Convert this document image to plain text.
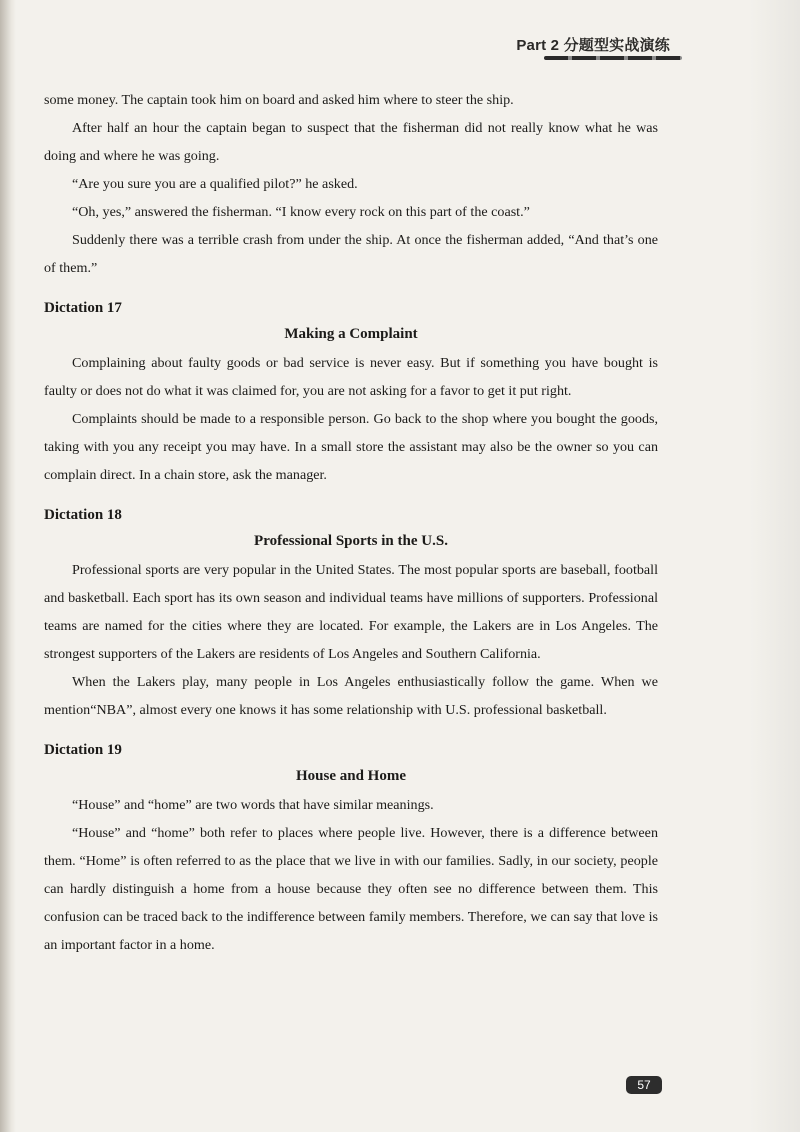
Part 2 分题型实战演练

some money. The captain took him on board and asked him where to steer the ship.

After half an hour the captain began to suspect that the fisherman did not really know what he was doing and where he was going.

“Are you sure you are a qualified pilot?” he asked.

“Oh, yes,” answered the fisherman. “I know every rock on this part of the coast.”

Suddenly there was a terrible crash from under the ship. At once the fisherman added, “And that’s one of them.”

Dictation 17
Making a Complaint

Complaining about faulty goods or bad service is never easy. But if something you have bought is faulty or does not do what it was claimed for, you are not asking for a favor to get it put right.

Complaints should be made to a responsible person. Go back to the shop where you bought the goods, taking with you any receipt you may have. In a small store the assistant may also be the owner so you can complain direct. In a chain store, ask the manager.

Dictation 18
Professional Sports in the U.S.

Professional sports are very popular in the United States. The most popular sports are baseball, football and basketball. Each sport has its own season and individual teams have millions of supporters. Professional teams are named for the cities where they are located. For example, the Lakers are in Los Angeles. The strongest supporters of the Lakers are residents of Los Angeles and Southern California.

When the Lakers play, many people in Los Angeles enthusiastically follow the game. When we mention“NBA”, almost every one knows it has some relationship with U.S. professional basketball.

Dictation 19
House and Home

“House” and “home” are two words that have similar meanings.

“House” and “home” both refer to places where people live. However, there is a difference between them. “Home” is often referred to as the place that we live in with our families. Sadly, in our society, people can hardly distinguish a home from a house because they often see no difference between them. This confusion can be traced back to the indifference between family members. Therefore, we can say that love is an important factor in a home.

57
